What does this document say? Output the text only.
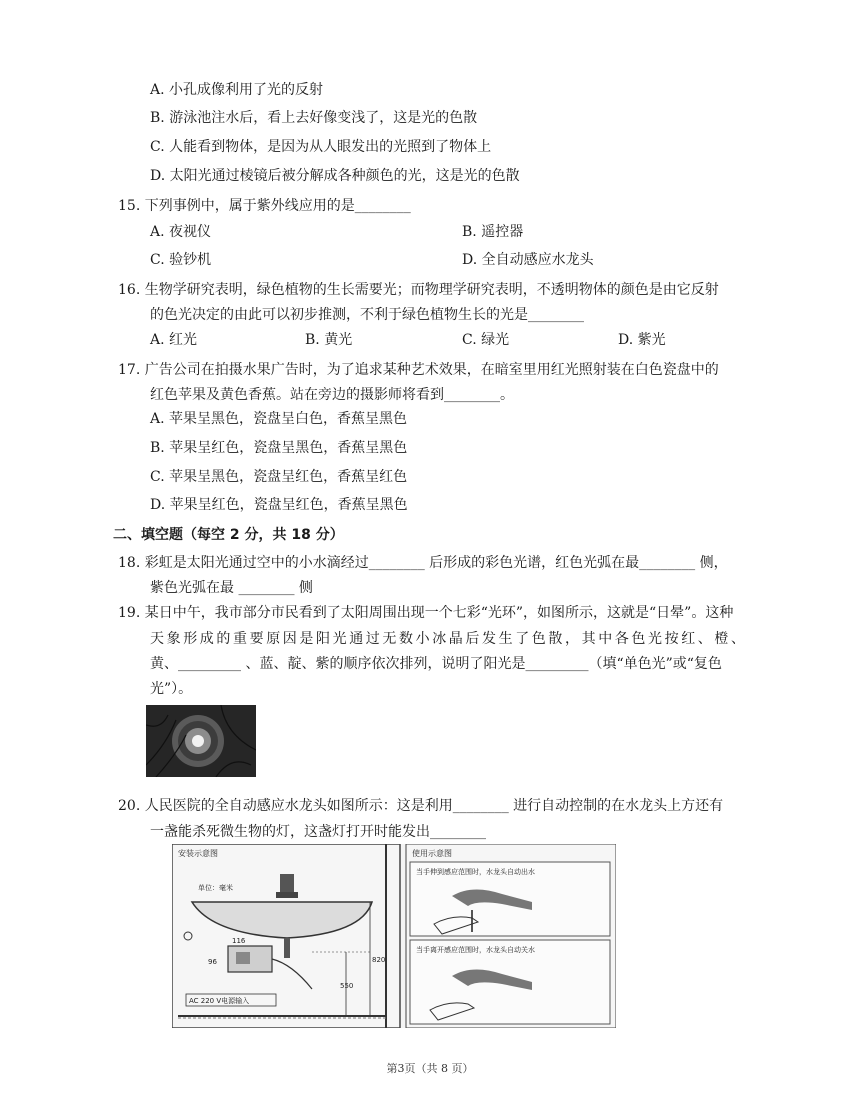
A. 小孔成像利用了光的反射
B. 游泳池注水后，看上去好像变浅了，这是光的色散
C. 人能看到物体，是因为从人眼发出的光照到了物体上
D. 太阳光通过棱镜后被分解成各种颜色的光，这是光的色散
15. 下列事例中，属于紫外线应用的是________
A. 夜视仪	B. 遥控器
C. 验钞机	D. 全自动感应水龙头
16. 生物学研究表明，绿色植物的生长需要光；而物理学研究表明，不透明物体的颜色是由它反射
的色光决定的由此可以初步推测，不利于绿色植物生长的光是________
A. 红光	B. 黄光	C. 绿光	D. 紫光
17. 广告公司在拍摄水果广告时，为了追求某种艺术效果，在暗室里用红光照射装在白色瓷盘中的
红色苹果及黄色香蕉。站在旁边的摄影师将看到________。
A. 苹果呈黑色，瓷盘呈白色，香蕉呈黑色
B. 苹果呈红色，瓷盘呈黑色，香蕉呈黑色
C. 苹果呈黑色，瓷盘呈红色，香蕉呈红色
D. 苹果呈红色，瓷盘呈红色，香蕉呈黑色
二、填空题（每空 2 分，共 18 分）
18. 彩虹是太阳光通过空中的小水滴经过________ 后形成的彩色光谱，红色光弧在最________ 侧，
紫色光弧在最 ________ 侧
19. 某日中午，我市部分市民看到了太阳周围出现一个七彩“光环”，如图所示，这就是“日晕”。这种
天象形成的重要原因是阳光通过无数小冰晶后发生了色散，其中各色光按红、橙、
黄、_________ 、蓝、靛、紫的顺序依次排列，说明了阳光是_________（填“单色光”或“复色
光”）。
20. 人民医院的全自动感应水龙头如图所示：这是利用________ 进行自动控制的在水龙头上方还有
一盏能杀死微生物的灯，这盏灯打开时能发出________
安装示意图
单位：毫米
116
96	820
550
AC 220 V电源输入
使用示意图
当手伸到感应范围时，水龙头自动出水
当手离开感应范围时，水龙头自动关水
第3页（共 8 页）
